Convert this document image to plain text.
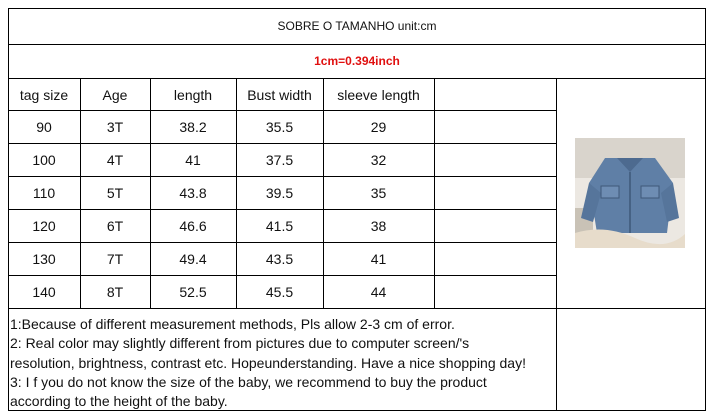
SOBRE O TAMANHO unit:cm
1cm=0.394inch
tag size	Age	length	Bust width	sleeve length
90	3T	38.2	35.5	29
100	4T	41	37.5	32
110	5T	43.8	39.5	35
120	6T	46.6	41.5	38
130	7T	49.4	43.5	41
140	8T	52.5	45.5	44
1:Because of different measurement methods, Pls allow 2-3 cm of error.
2: Real color may slightly different from pictures due to computer screen/'s
resolution, brightness, contrast etc. Hopeunderstanding. Have a nice shopping day!
3: I f you do not know the size of the baby, we recommend to buy the product
according to the height of the baby.
